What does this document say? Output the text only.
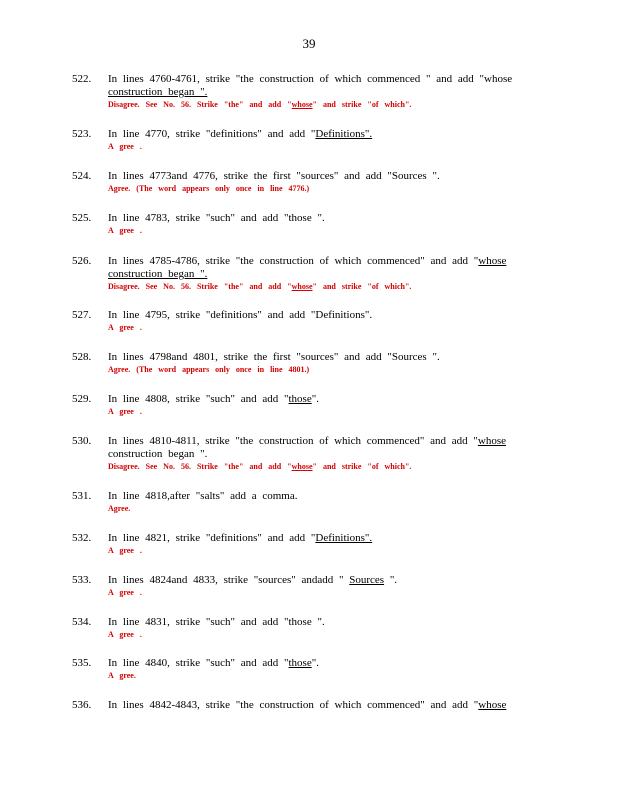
39
522. In lines 4760-4761, strike "the construction of which commenced " and add "whose
construction began ".
Disagree. See No. 56. Strike "the" and add "whose" and strike "of which".
523. In line 4770, strike "definitions" and add "Definitions".
A gree .
524. In lines 4773and 4776, strike the first "sources" and add "Sources ".
Agree. (The word appears only once in line 4776.)
525. In line 4783, strike "such" and add "those ".
A gree .
526. In lines 4785-4786, strike "the construction of which commenced" and add "whose
construction began ".
Disagree. See No. 56. Strike "the" and add "whose" and strike "of which".
527. In line 4795, strike "definitions" and add "Definitions".
A gree .
528. In lines 4798and 4801, strike the first "sources" and add "Sources ".
Agree. (The word appears only once in line 4801.)
529. In line 4808, strike "such" and add "those".
A gree .
530. In lines 4810-4811, strike "the construction of which commenced" and add "whose
construction began ".
Disagree. See No. 56. Strike "the" and add "whose" and strike "of which".
531. In line 4818,after "salts" add a comma.
Agree.
532. In line 4821, strike "definitions" and add "Definitions".
A gree .
533. In lines 4824and 4833, strike "sources" andadd " Sources ".
A gree .
534. In line 4831, strike "such" and add "those ".
A gree .
535. In line 4840, strike "such" and add "those".
A gree.
536. In lines 4842-4843, strike "the construction of which commenced" and add "whose
